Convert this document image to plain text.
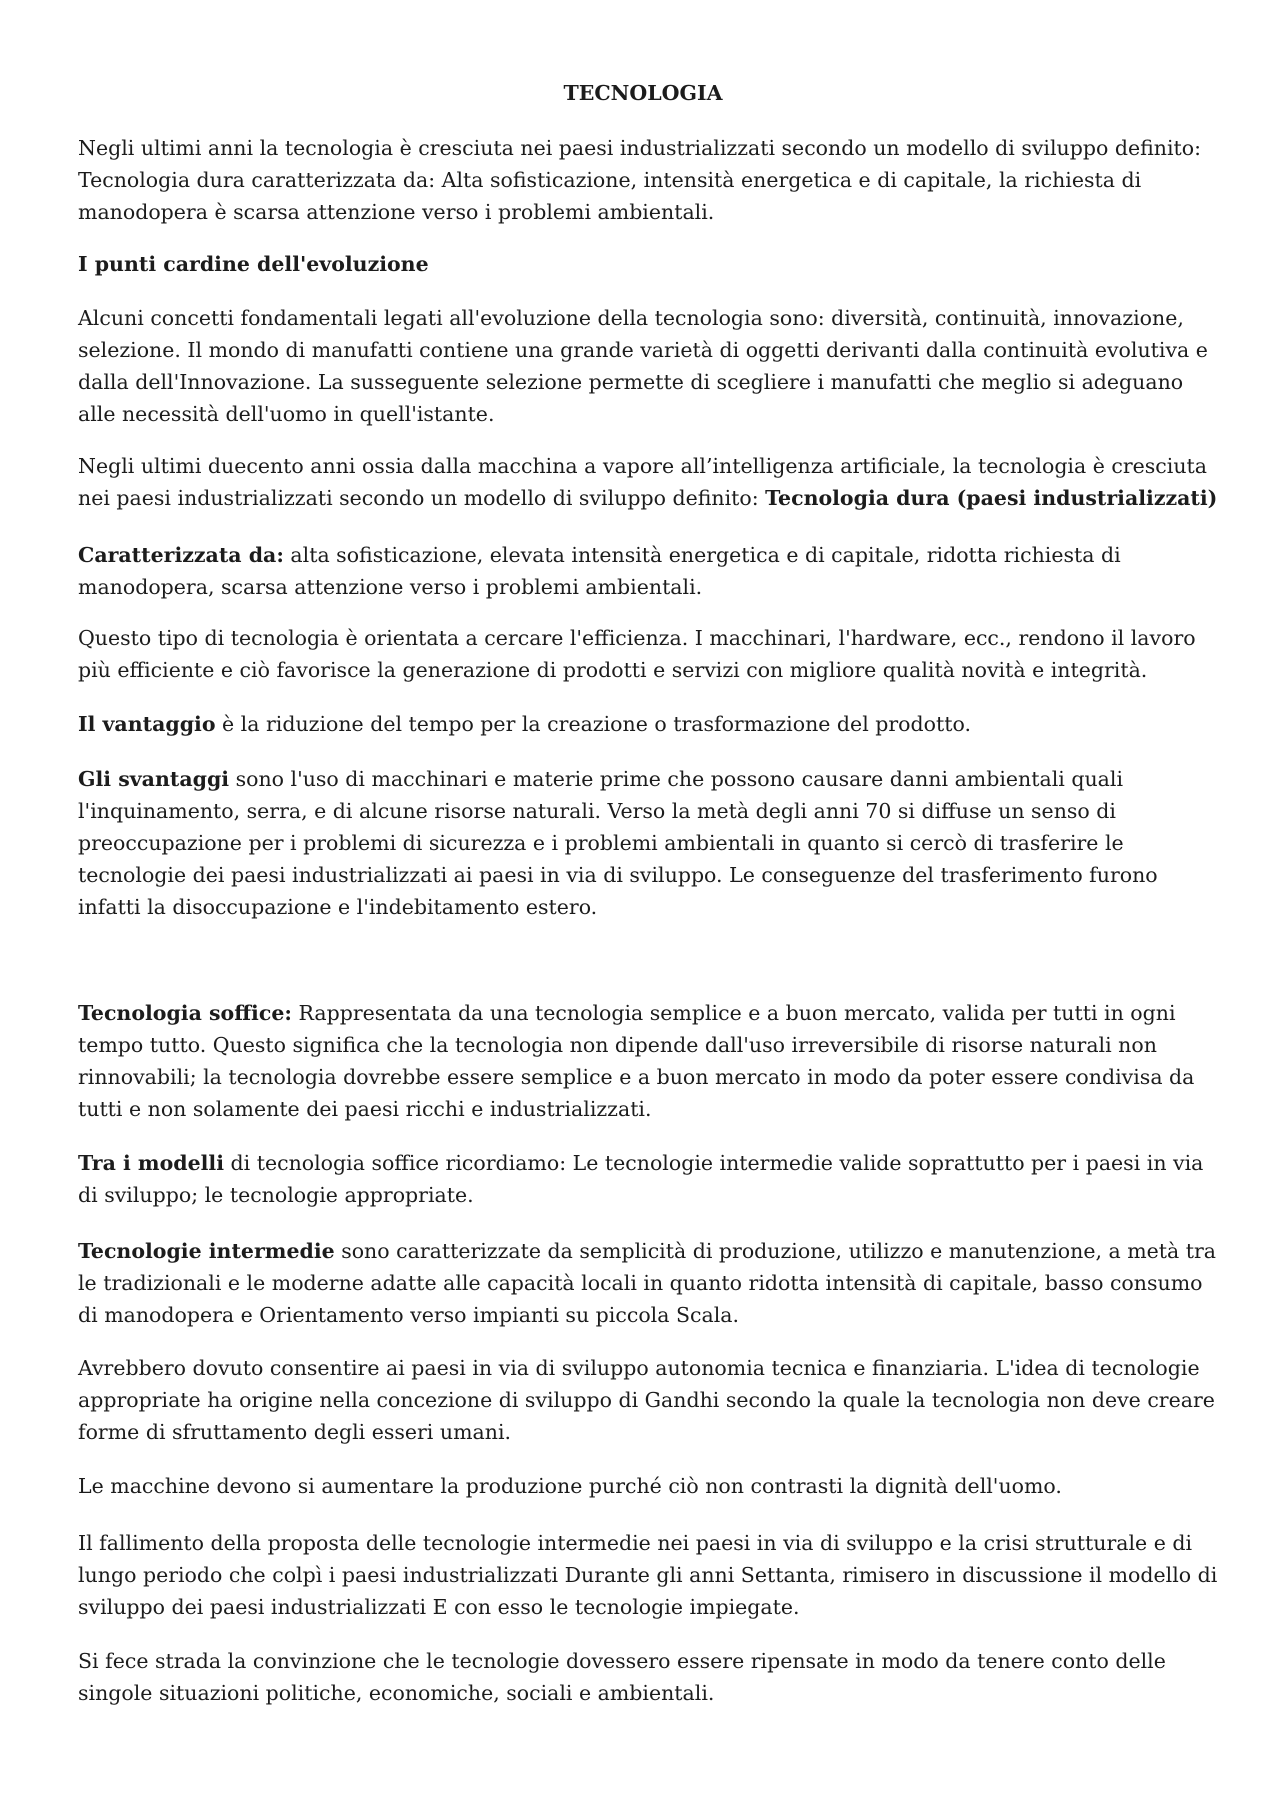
TECNOLOGIA

Negli ultimi anni la tecnologia è cresciuta nei paesi industrializzati secondo un modello di sviluppo definito: Tecnologia dura caratterizzata da: Alta sofisticazione, intensità energetica e di capitale, la richiesta di manodopera è scarsa attenzione verso i problemi ambientali.

I punti cardine dell'evoluzione

Alcuni concetti fondamentali legati all'evoluzione della tecnologia sono: diversità, continuità, innovazione, selezione. Il mondo di manufatti contiene una grande varietà di oggetti derivanti dalla continuità evolutiva e dalla dell'Innovazione. La susseguente selezione permette di scegliere i manufatti che meglio si adeguano alle necessità dell'uomo in quell'istante.

Negli ultimi duecento anni ossia dalla macchina a vapore all’intelligenza artificiale, la tecnologia è cresciuta nei paesi industrializzati secondo un modello di sviluppo definito: Tecnologia dura (paesi industrializzati)

Caratterizzata da: alta sofisticazione, elevata intensità energetica e di capitale, ridotta richiesta di manodopera, scarsa attenzione verso i problemi ambientali.

Questo tipo di tecnologia è orientata a cercare l'efficienza. I macchinari, l'hardware, ecc., rendono il lavoro più efficiente e ciò favorisce la generazione di prodotti e servizi con migliore qualità novità e integrità.

Il vantaggio è la riduzione del tempo per la creazione o trasformazione del prodotto.

Gli svantaggi sono l'uso di macchinari e materie prime che possono causare danni ambientali quali l'inquinamento, serra, e di alcune risorse naturali. Verso la metà degli anni 70 si diffuse un senso di preoccupazione per i problemi di sicurezza e i problemi ambientali in quanto si cercò di trasferire le tecnologie dei paesi industrializzati ai paesi in via di sviluppo. Le conseguenze del trasferimento furono infatti la disoccupazione e l'indebitamento estero.

Tecnologia soffice: Rappresentata da una tecnologia semplice e a buon mercato, valida per tutti in ogni tempo tutto. Questo significa che la tecnologia non dipende dall'uso irreversibile di risorse naturali non rinnovabili; la tecnologia dovrebbe essere semplice e a buon mercato in modo da poter essere condivisa da tutti e non solamente dei paesi ricchi e industrializzati.

Tra i modelli di tecnologia soffice ricordiamo: Le tecnologie intermedie valide soprattutto per i paesi in via di sviluppo; le tecnologie appropriate.

Tecnologie intermedie sono caratterizzate da semplicità di produzione, utilizzo e manutenzione, a metà tra le tradizionali e le moderne adatte alle capacità locali in quanto ridotta intensità di capitale, basso consumo di manodopera e Orientamento verso impianti su piccola Scala.

Avrebbero dovuto consentire ai paesi in via di sviluppo autonomia tecnica e finanziaria. L'idea di tecnologie appropriate ha origine nella concezione di sviluppo di Gandhi secondo la quale la tecnologia non deve creare forme di sfruttamento degli esseri umani.

Le macchine devono si aumentare la produzione purché ciò non contrasti la dignità dell'uomo.

Il fallimento della proposta delle tecnologie intermedie nei paesi in via di sviluppo e la crisi strutturale e di lungo periodo che colpì i paesi industrializzati Durante gli anni Settanta, rimisero in discussione il modello di sviluppo dei paesi industrializzati E con esso le tecnologie impiegate.

Si fece strada la convinzione che le tecnologie dovessero essere ripensate in modo da tenere conto delle singole situazioni politiche, economiche, sociali e ambientali.
